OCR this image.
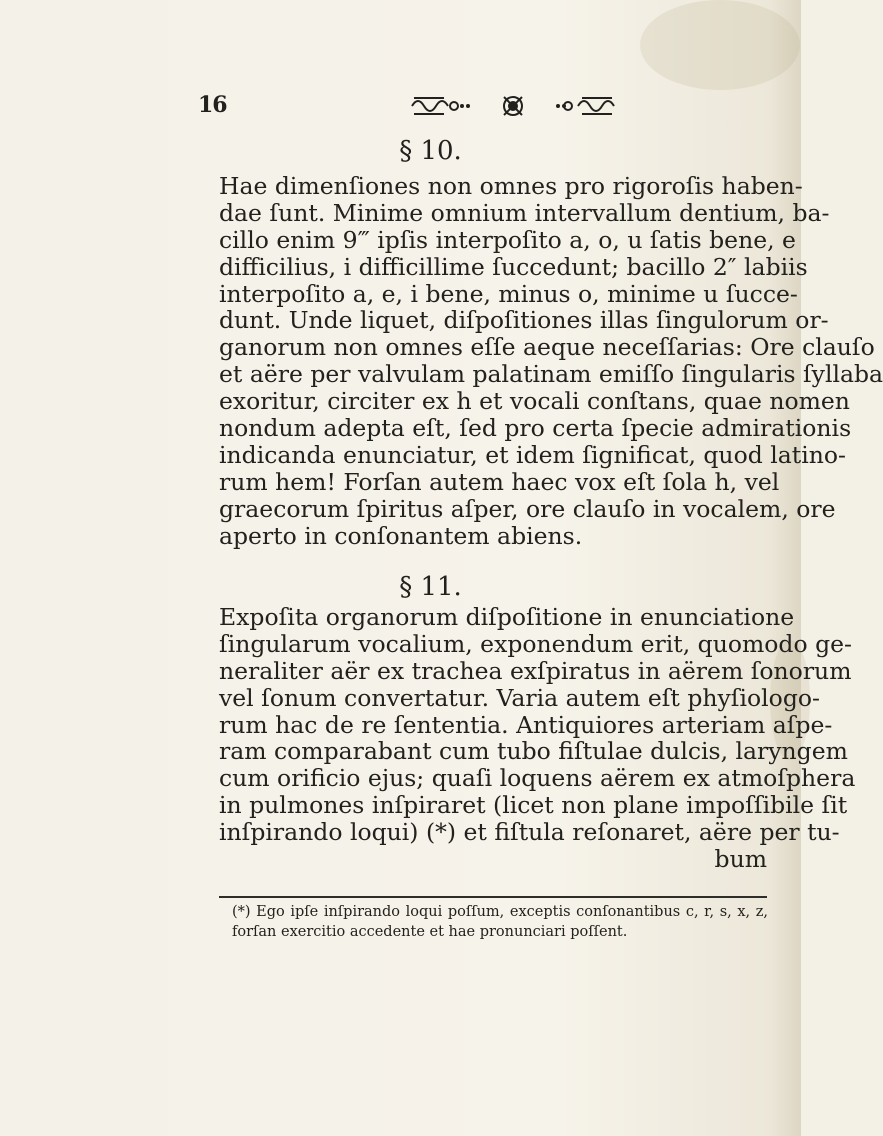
16
§ 10.
Hae dimenſiones non omnes pro rigoroſis haben-
dae ſunt. Minime omnium intervallum dentium, ba-
cillo enim 9‴ ipſis interpoſito a, o, u ſatis bene, e
difficilius, i difficillime ſuccedunt; bacillo 2″ labiis
interpoſito a, e, i bene, minus o, minime u ſucce-
dunt. Unde liquet, diſpoſitiones illas ſingulorum or-
ganorum non omnes eſſe aeque neceſſarias: Ore clauſo
et aëre per valvulam palatinam emiſſo ſingularis ſyllaba
exoritur, circiter ex h et vocali conſtans, quae nomen
nondum adepta eſt, ſed pro certa ſpecie admirationis
indicanda enunciatur, et idem ſignificat, quod latino-
rum hem! Forſan autem haec vox eſt ſola h, vel
graecorum ſpiritus aſper, ore clauſo in vocalem, ore
aperto in conſonantem abiens.
§ 11.
Expoſita organorum diſpoſitione in enunciatione
ſingularum vocalium, exponendum erit, quomodo ge-
neraliter aër ex trachea exſpiratus in aërem ſonorum
vel ſonum convertatur. Varia autem eſt phyſiologo-
rum hac de re ſententia. Antiquiores arteriam aſpe-
ram comparabant cum tubo fiſtulae dulcis, laryngem
cum orificio ejus; quaſi loquens aërem ex atmoſphera
in pulmones inſpiraret (licet non plane impoſſibile ſit
inſpirando loqui) (*) et fiſtula reſonaret, aëre per tu-
bum
(*) Ego ipſe inſpirando loqui poſſum, exceptis conſonantibus c, r, s, x, z,
forſan exercitio accedente et hae pronunciari poſſent.
